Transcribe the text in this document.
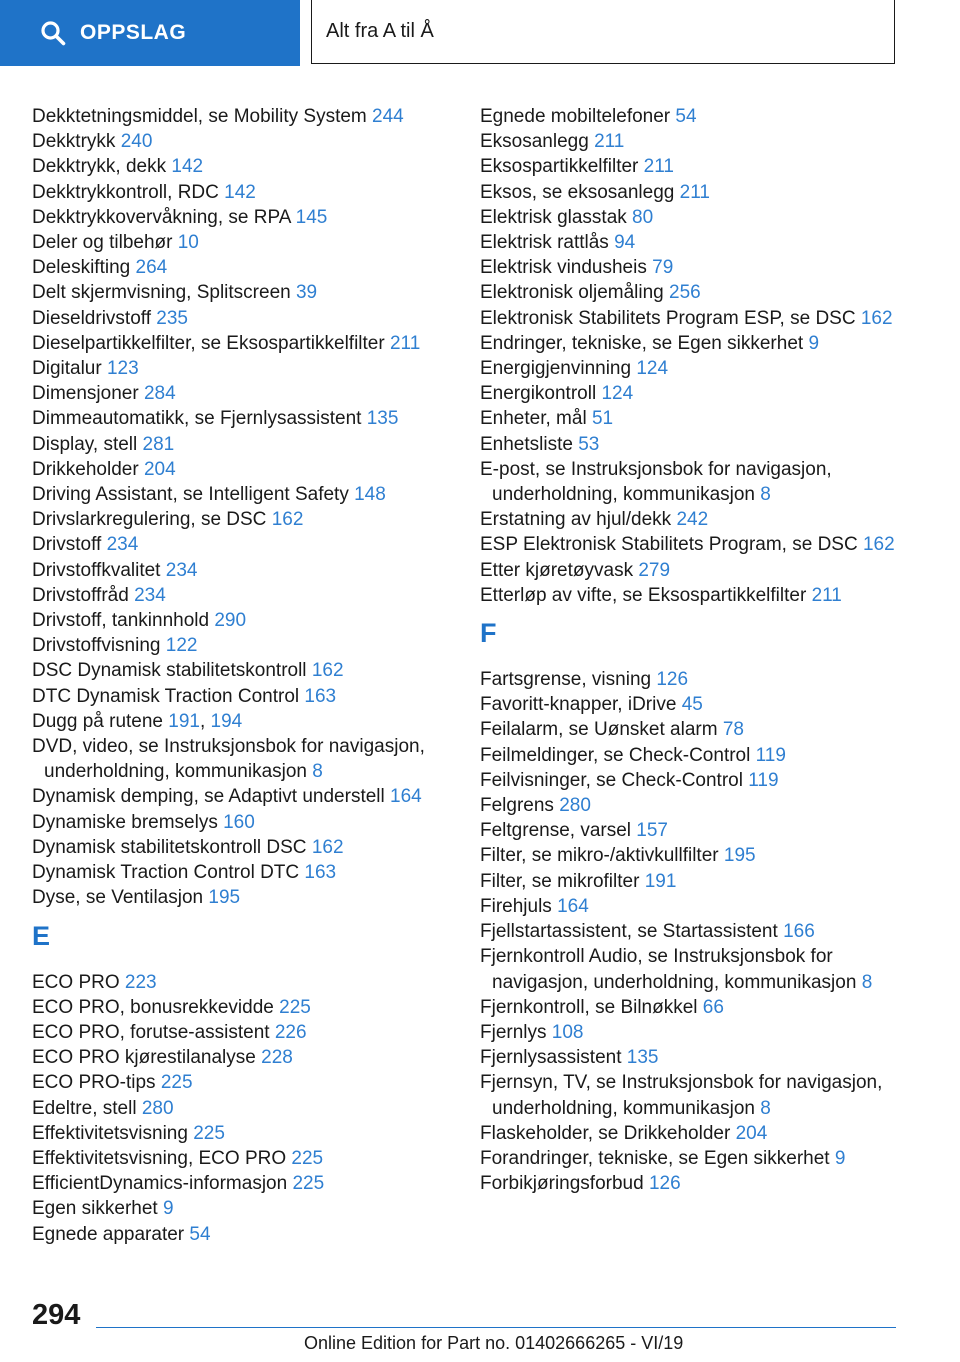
OPPSLAG	Alt fra A til Å
Dekktetningsmiddel, se Mobility System 244
Dekktrykk 240
Dekktrykk, dekk 142
Dekktrykkontroll, RDC 142
Dekktrykkovervåkning, se RPA 145
Deler og tilbehør 10
Deleskifting 264
Delt skjermvisning, Splitscreen 39
Dieseldrivstoff 235
Dieselpartikkelfilter, se Eksospartikkelfilter 211
Digitalur 123
Dimensjoner 284
Dimmeautomatikk, se Fjernlysassistent 135
Display, stell 281
Drikkeholder 204
Driving Assistant, se Intelligent Safety 148
Drivslarkregulering, se DSC 162
Drivstoff 234
Drivstoffkvalitet 234
Drivstoffråd 234
Drivstoff, tankinnhold 290
Drivstoffvisning 122
DSC Dynamisk stabilitetskontroll 162
DTC Dynamisk Traction Control 163
Dugg på rutene 191, 194
DVD, video, se Instruksjonsbok for navigasjon, underholdning, kommunikasjon 8
Dynamisk demping, se Adaptivt understell 164
Dynamiske bremselys 160
Dynamisk stabilitetskontroll DSC 162
Dynamisk Traction Control DTC 163
Dyse, se Ventilasjon 195
E
ECO PRO 223
ECO PRO, bonusrekkevidde 225
ECO PRO, forutse-assistent 226
ECO PRO kjørestilanalyse 228
ECO PRO-tips 225
Edeltre, stell 280
Effektivitetsvisning 225
Effektivitetsvisning, ECO PRO 225
EfficientDynamics-informasjon 225
Egen sikkerhet 9
Egnede apparater 54
Egnede mobiltelefoner 54
Eksosanlegg 211
Eksospartikkelfilter 211
Eksos, se eksosanlegg 211
Elektrisk glasstak 80
Elektrisk rattlås 94
Elektrisk vindusheis 79
Elektronisk oljemåling 256
Elektronisk Stabilitets Program ESP, se DSC 162
Endringer, tekniske, se Egen sikkerhet 9
Energigjenvinning 124
Energikontroll 124
Enheter, mål 51
Enhetsliste 53
E-post, se Instruksjonsbok for navigasjon, underholdning, kommunikasjon 8
Erstatning av hjul/dekk 242
ESP Elektronisk Stabilitets Program, se DSC 162
Etter kjøretøyvask 279
Etterløp av vifte, se Eksospartikkelfilter 211
F
Fartsgrense, visning 126
Favoritt-knapper, iDrive 45
Feilalarm, se Uønsket alarm 78
Feilmeldinger, se Check-Control 119
Feilvisninger, se Check-Control 119
Felgrens 280
Feltgrense, varsel 157
Filter, se mikro-/aktivkullfilter 195
Filter, se mikrofilter 191
Firehjuls 164
Fjellstartassistent, se Startassistent 166
Fjernkontroll Audio, se Instruksjonsbok for navigasjon, underholdning, kommunikasjon 8
Fjernkontroll, se Bilnøkkel 66
Fjernlys 108
Fjernlysassistent 135
Fjernsyn, TV, se Instruksjonsbok for navigasjon, underholdning, kommunikasjon 8
Flaskeholder, se Drikkeholder 204
Forandringer, tekniske, se Egen sikkerhet 9
Forbikjøringsforbud 126
294
Online Edition for Part no. 01402666265 - VI/19
